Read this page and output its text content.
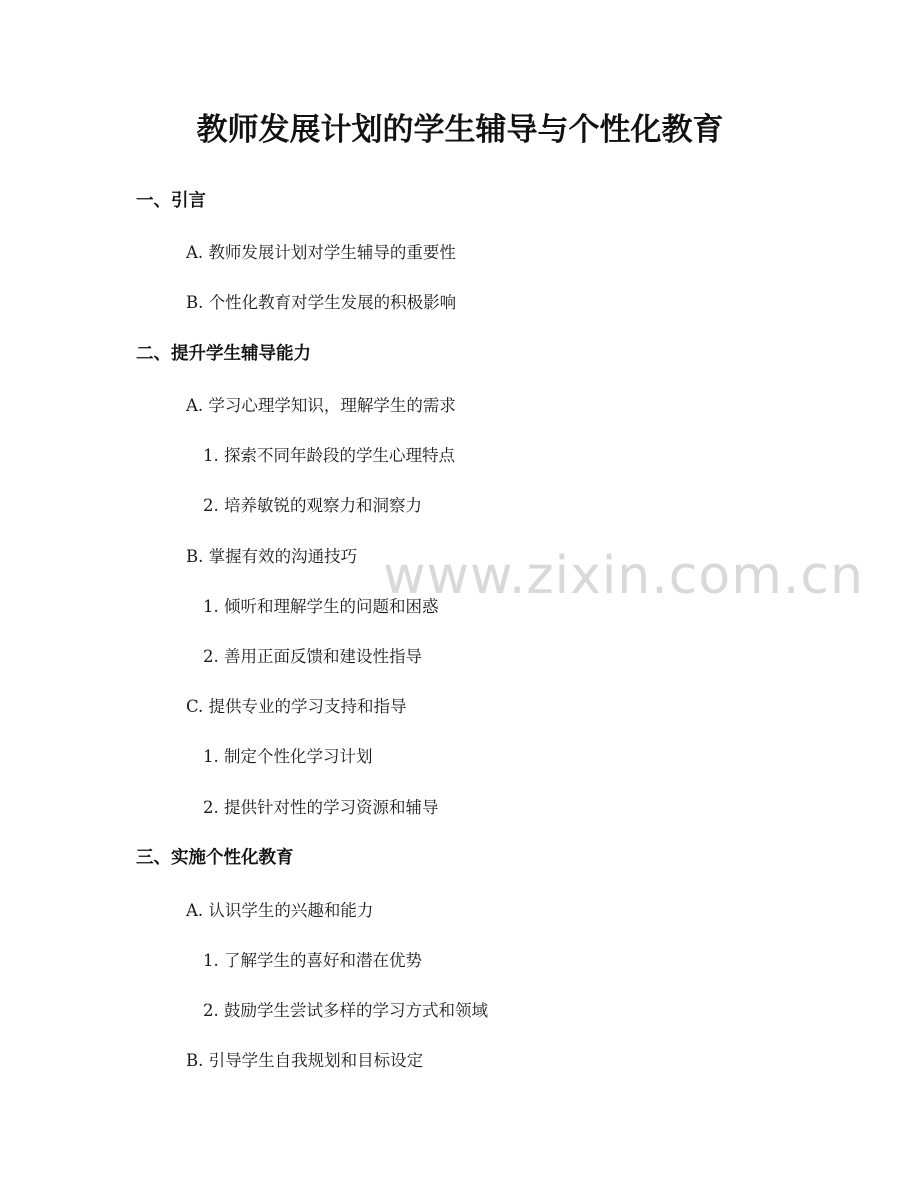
教师发展计划的学生辅导与个性化教育
一、引言
A. 教师发展计划对学生辅导的重要性
B. 个性化教育对学生发展的积极影响
二、提升学生辅导能力
A. 学习心理学知识，理解学生的需求
1. 探索不同年龄段的学生心理特点
2. 培养敏锐的观察力和洞察力
B. 掌握有效的沟通技巧
1. 倾听和理解学生的问题和困惑
2. 善用正面反馈和建设性指导
C. 提供专业的学习支持和指导
1. 制定个性化学习计划
2. 提供针对性的学习资源和辅导
三、实施个性化教育
A. 认识学生的兴趣和能力
1. 了解学生的喜好和潜在优势
2. 鼓励学生尝试多样的学习方式和领域
B. 引导学生自我规划和目标设定
www.zixin.com.cn
